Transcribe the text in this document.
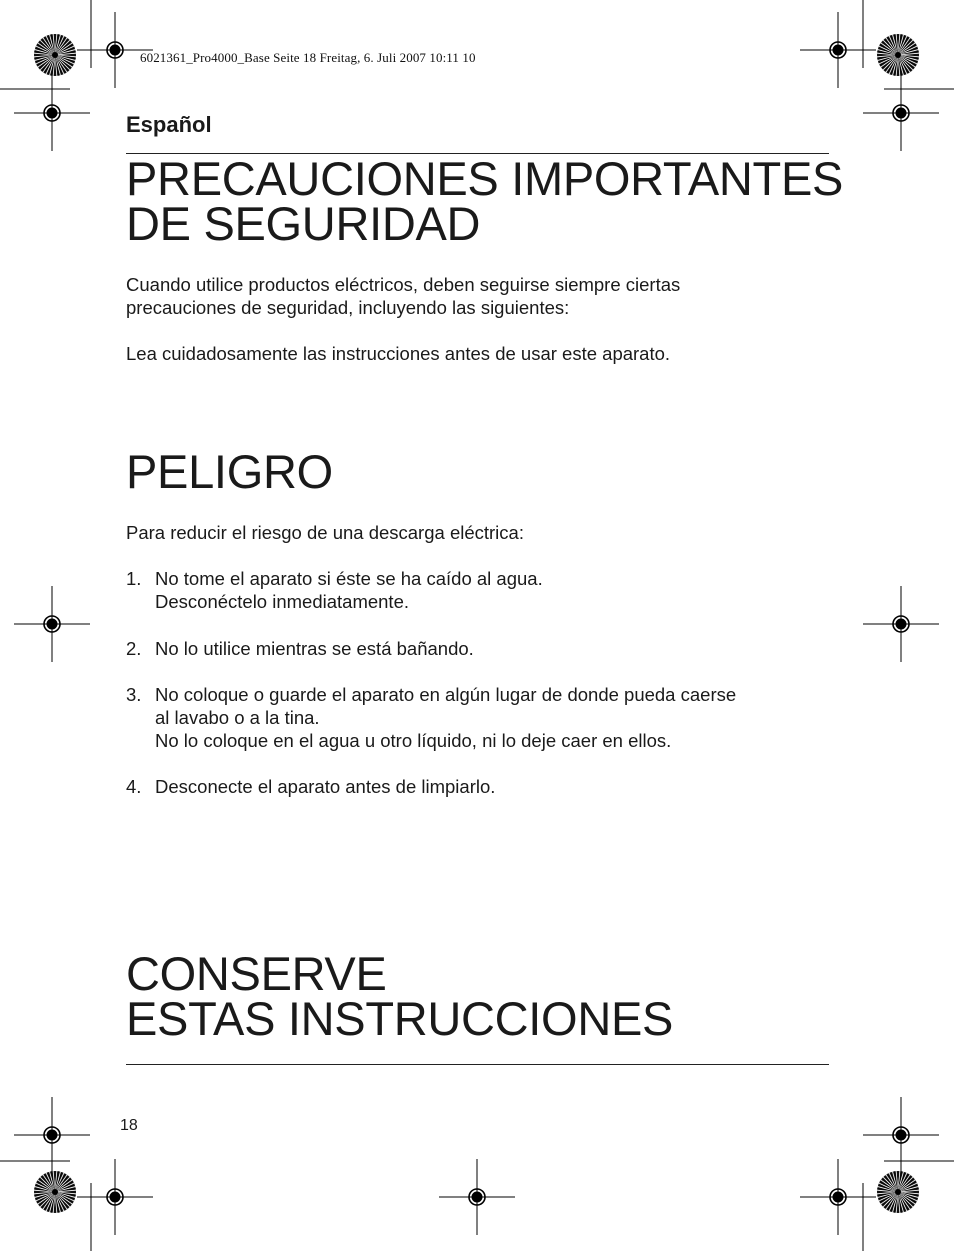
6021361_Pro4000_Base Seite 18 Freitag, 6. Juli 2007 10:11 10
Español
PRECAUCIONES IMPORTANTES
DE SEGURIDAD
Cuando utilice productos eléctricos, deben seguirse siempre ciertas
precauciones de seguridad, incluyendo las siguientes:
Lea cuidadosamente las instrucciones antes de usar este aparato.
PELIGRO
Para reducir el riesgo de una descarga eléctrica:
1. No tome el aparato si éste se ha caído al agua.
Desconéctelo inmediatamente.
2. No lo utilice mientras se está bañando.
3. No coloque o guarde el aparato en algún lugar de donde pueda caerse
al lavabo o a la tina.
No lo coloque en el agua u otro líquido, ni lo deje caer en ellos.
4. Desconecte el aparato antes de limpiarlo.
CONSERVE
ESTAS INSTRUCCIONES
18
